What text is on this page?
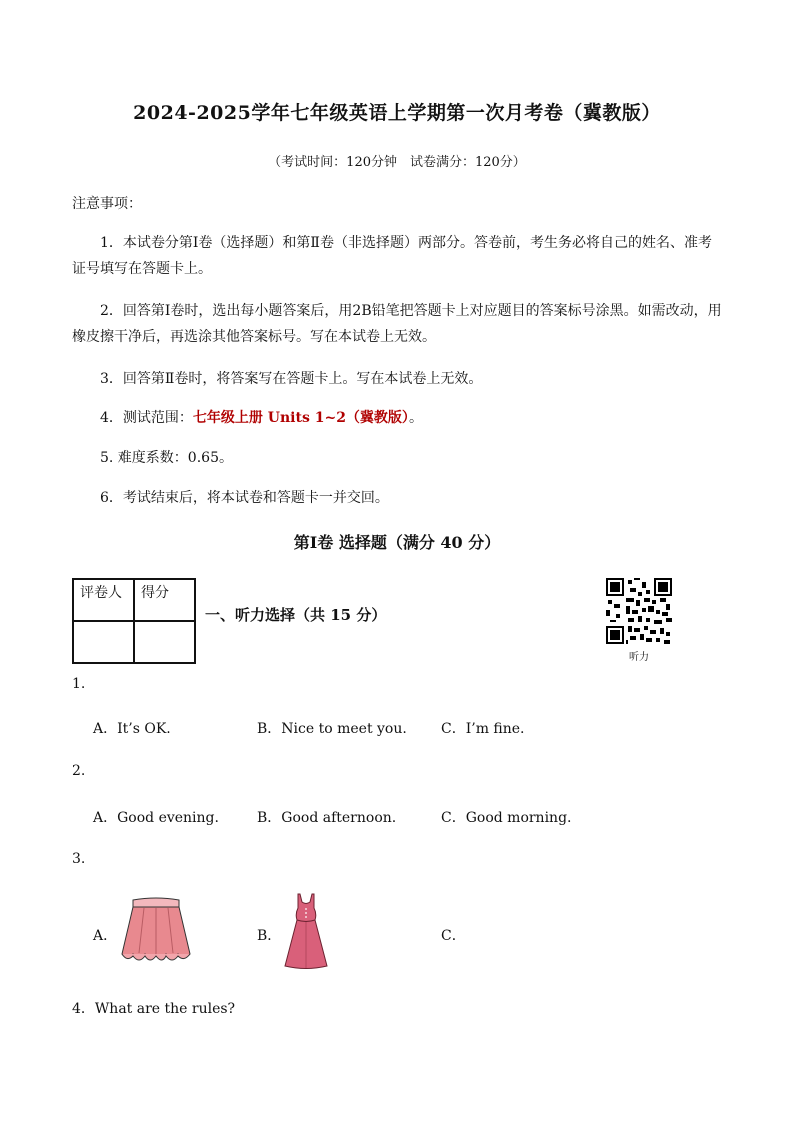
2024-2025学年七年级英语上学期第一次月考卷（冀教版）
（考试时间：120分钟　试卷满分：120分）
注意事项：
1．本试卷分第Ⅰ卷（选择题）和第Ⅱ卷（非选择题）两部分。答卷前，考生务必将自己的姓名、准考证号填写在答题卡上。
2．回答第Ⅰ卷时，选出每小题答案后，用2B铅笔把答题卡上对应题目的答案标号涂黑。如需改动，用橡皮擦干净后，再选涂其他答案标号。写在本试卷上无效。
3．回答第Ⅱ卷时，将答案写在答题卡上。写在本试卷上无效。
4．测试范围：七年级上册 Units 1~2（冀教版）。
5. 难度系数：0.65。
6．考试结束后，将本试卷和答题卡一并交回。
第Ⅰ卷 选择题（满分 40 分）
评卷人	得分

一、听力选择（共 15 分）
听力
1.
A．It’s OK.	B．Nice to meet you. C．I’m fine.
2.
A．Good evening.	B．Good afternoon.	C．Good morning.
3.
A．	B．	C．
4．What are the rules?
